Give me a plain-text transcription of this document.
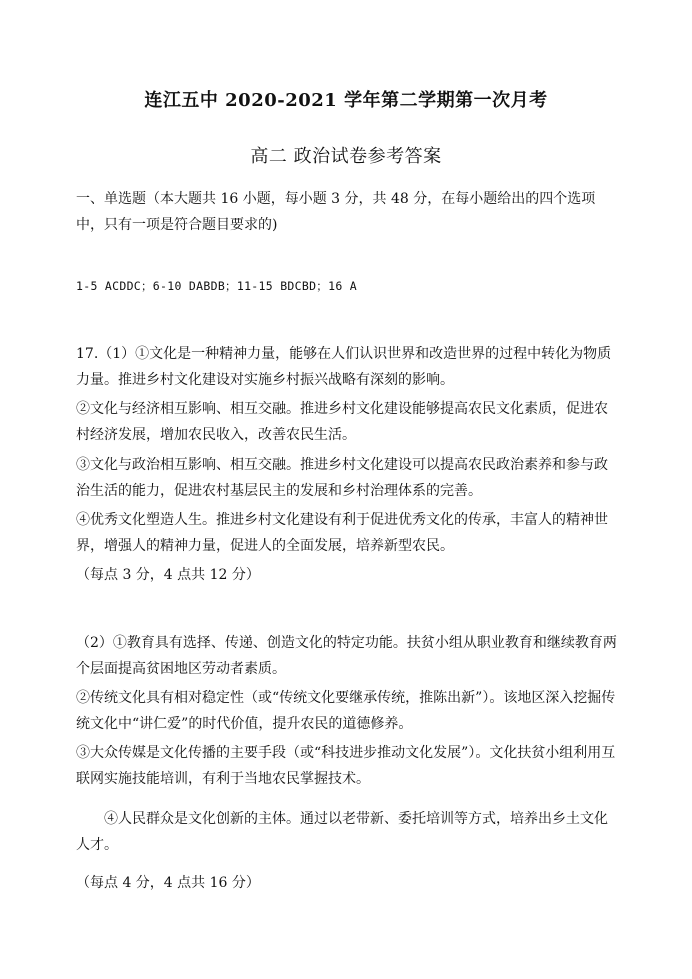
连江五中 2020-2021 学年第二学期第一次月考
高二 政治试卷参考答案

一、单选题（本大题共 16 小题，每小题 3 分，共 48 分，在每小题给出的四个选项中，只有一项是符合题目要求的)

1-5 ACDDC；6-10 DABDB；11-15 BDCBD；16 A

17.（1）①文化是一种精神力量，能够在人们认识世界和改造世界的过程中转化为物质力量。推进乡村文化建设对实施乡村振兴战略有深刻的影响。

②文化与经济相互影响、相互交融。推进乡村文化建设能够提高农民文化素质，促进农村经济发展，增加农民收入，改善农民生活。

③文化与政治相互影响、相互交融。推进乡村文化建设可以提高农民政治素养和参与政治生活的能力，促进农村基层民主的发展和乡村治理体系的完善。

④优秀文化塑造人生。推进乡村文化建设有利于促进优秀文化的传承，丰富人的精神世界，增强人的精神力量，促进人的全面发展，培养新型农民。

（每点 3 分，4 点共 12 分）

（2）①教育具有选择、传递、创造文化的特定功能。扶贫小组从职业教育和继续教育两个层面提高贫困地区劳动者素质。

②传统文化具有相对稳定性（或“传统文化要继承传统，推陈出新”）。该地区深入挖掘传统文化中“讲仁爱”的时代价值，提升农民的道德修养。

③大众传媒是文化传播的主要手段（或“科技进步推动文化发展”）。文化扶贫小组利用互联网实施技能培训，有利于当地农民掌握技术。

④人民群众是文化创新的主体。通过以老带新、委托培训等方式，培养出乡土文化人才。

（每点 4 分，4 点共 16 分）
